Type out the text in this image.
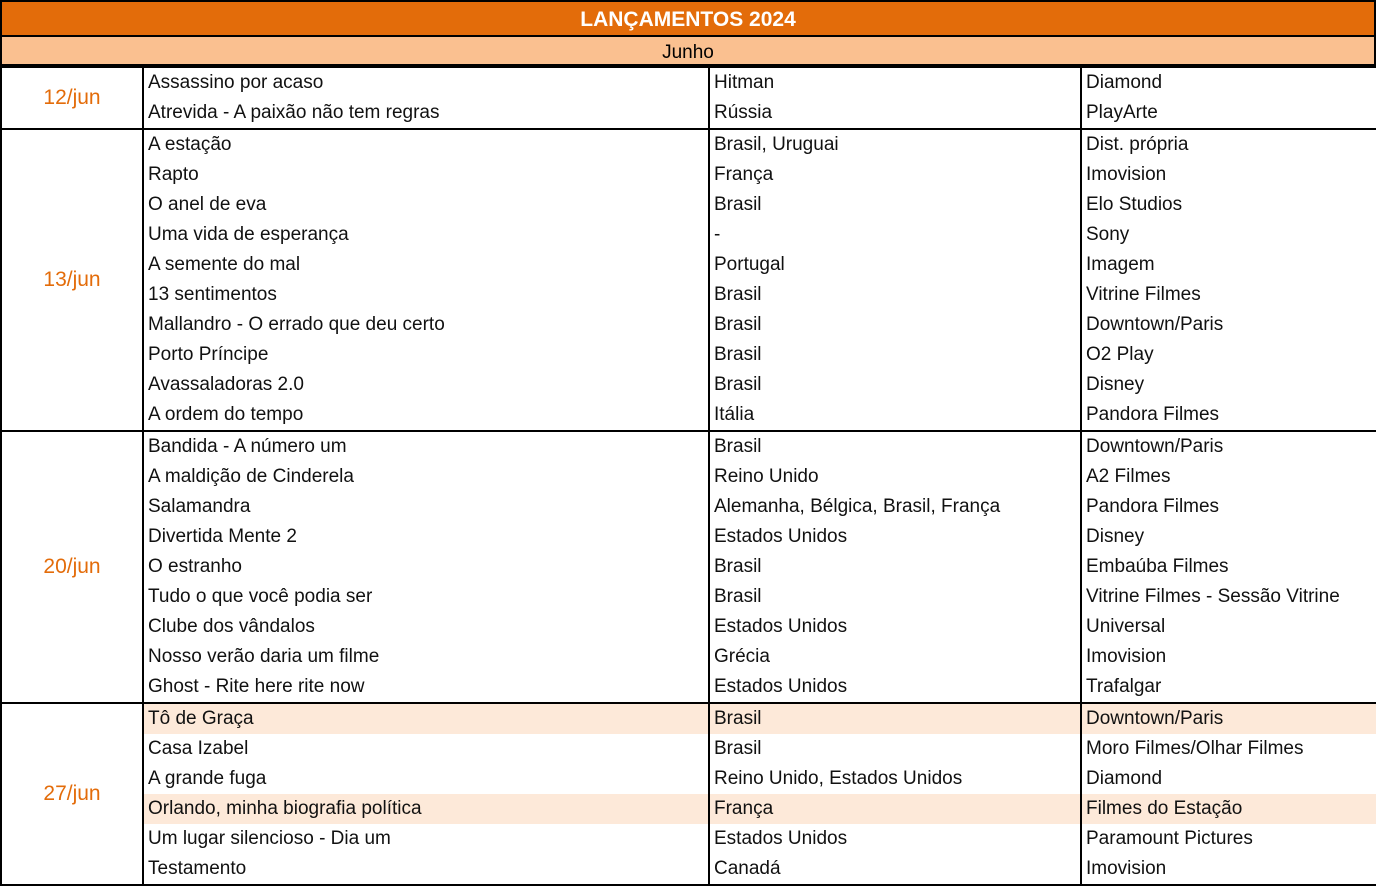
LANÇAMENTOS 2024
Junho
12/jun	Assassino por acaso	Hitman	Diamond
	Atrevida - A paixão não tem regras	Rússia	PlayArte
13/jun	A estação	Brasil, Uruguai	Dist. própria
	Rapto	França	Imovision
	O anel de eva	Brasil	Elo Studios
	Uma vida de esperança	-	Sony
	A semente do mal	Portugal	Imagem
	13 sentimentos	Brasil	Vitrine Filmes
	Mallandro - O errado que deu certo	Brasil	Downtown/Paris
	Porto Príncipe	Brasil	O2 Play
	Avassaladoras 2.0	Brasil	Disney
	A ordem do tempo	Itália	Pandora Filmes
20/jun	Bandida - A número um	Brasil	Downtown/Paris
	A maldição de Cinderela	Reino Unido	A2 Filmes
	Salamandra	Alemanha, Bélgica, Brasil, França	Pandora Filmes
	Divertida Mente 2	Estados Unidos	Disney
	O estranho	Brasil	Embaúba Filmes
	Tudo o que você podia ser	Brasil	Vitrine Filmes - Sessão Vitrine
	Clube dos vândalos	Estados Unidos	Universal
	Nosso verão daria um filme	Grécia	Imovision
	Ghost - Rite here rite now	Estados Unidos	Trafalgar
27/jun	Tô de Graça	Brasil	Downtown/Paris
	Casa Izabel	Brasil	Moro Filmes/Olhar Filmes
	A grande fuga	Reino Unido, Estados Unidos	Diamond
	Orlando, minha biografia política	França	Filmes do Estação
	Um lugar silencioso - Dia um	Estados Unidos	Paramount Pictures
	Testamento	Canadá	Imovision
